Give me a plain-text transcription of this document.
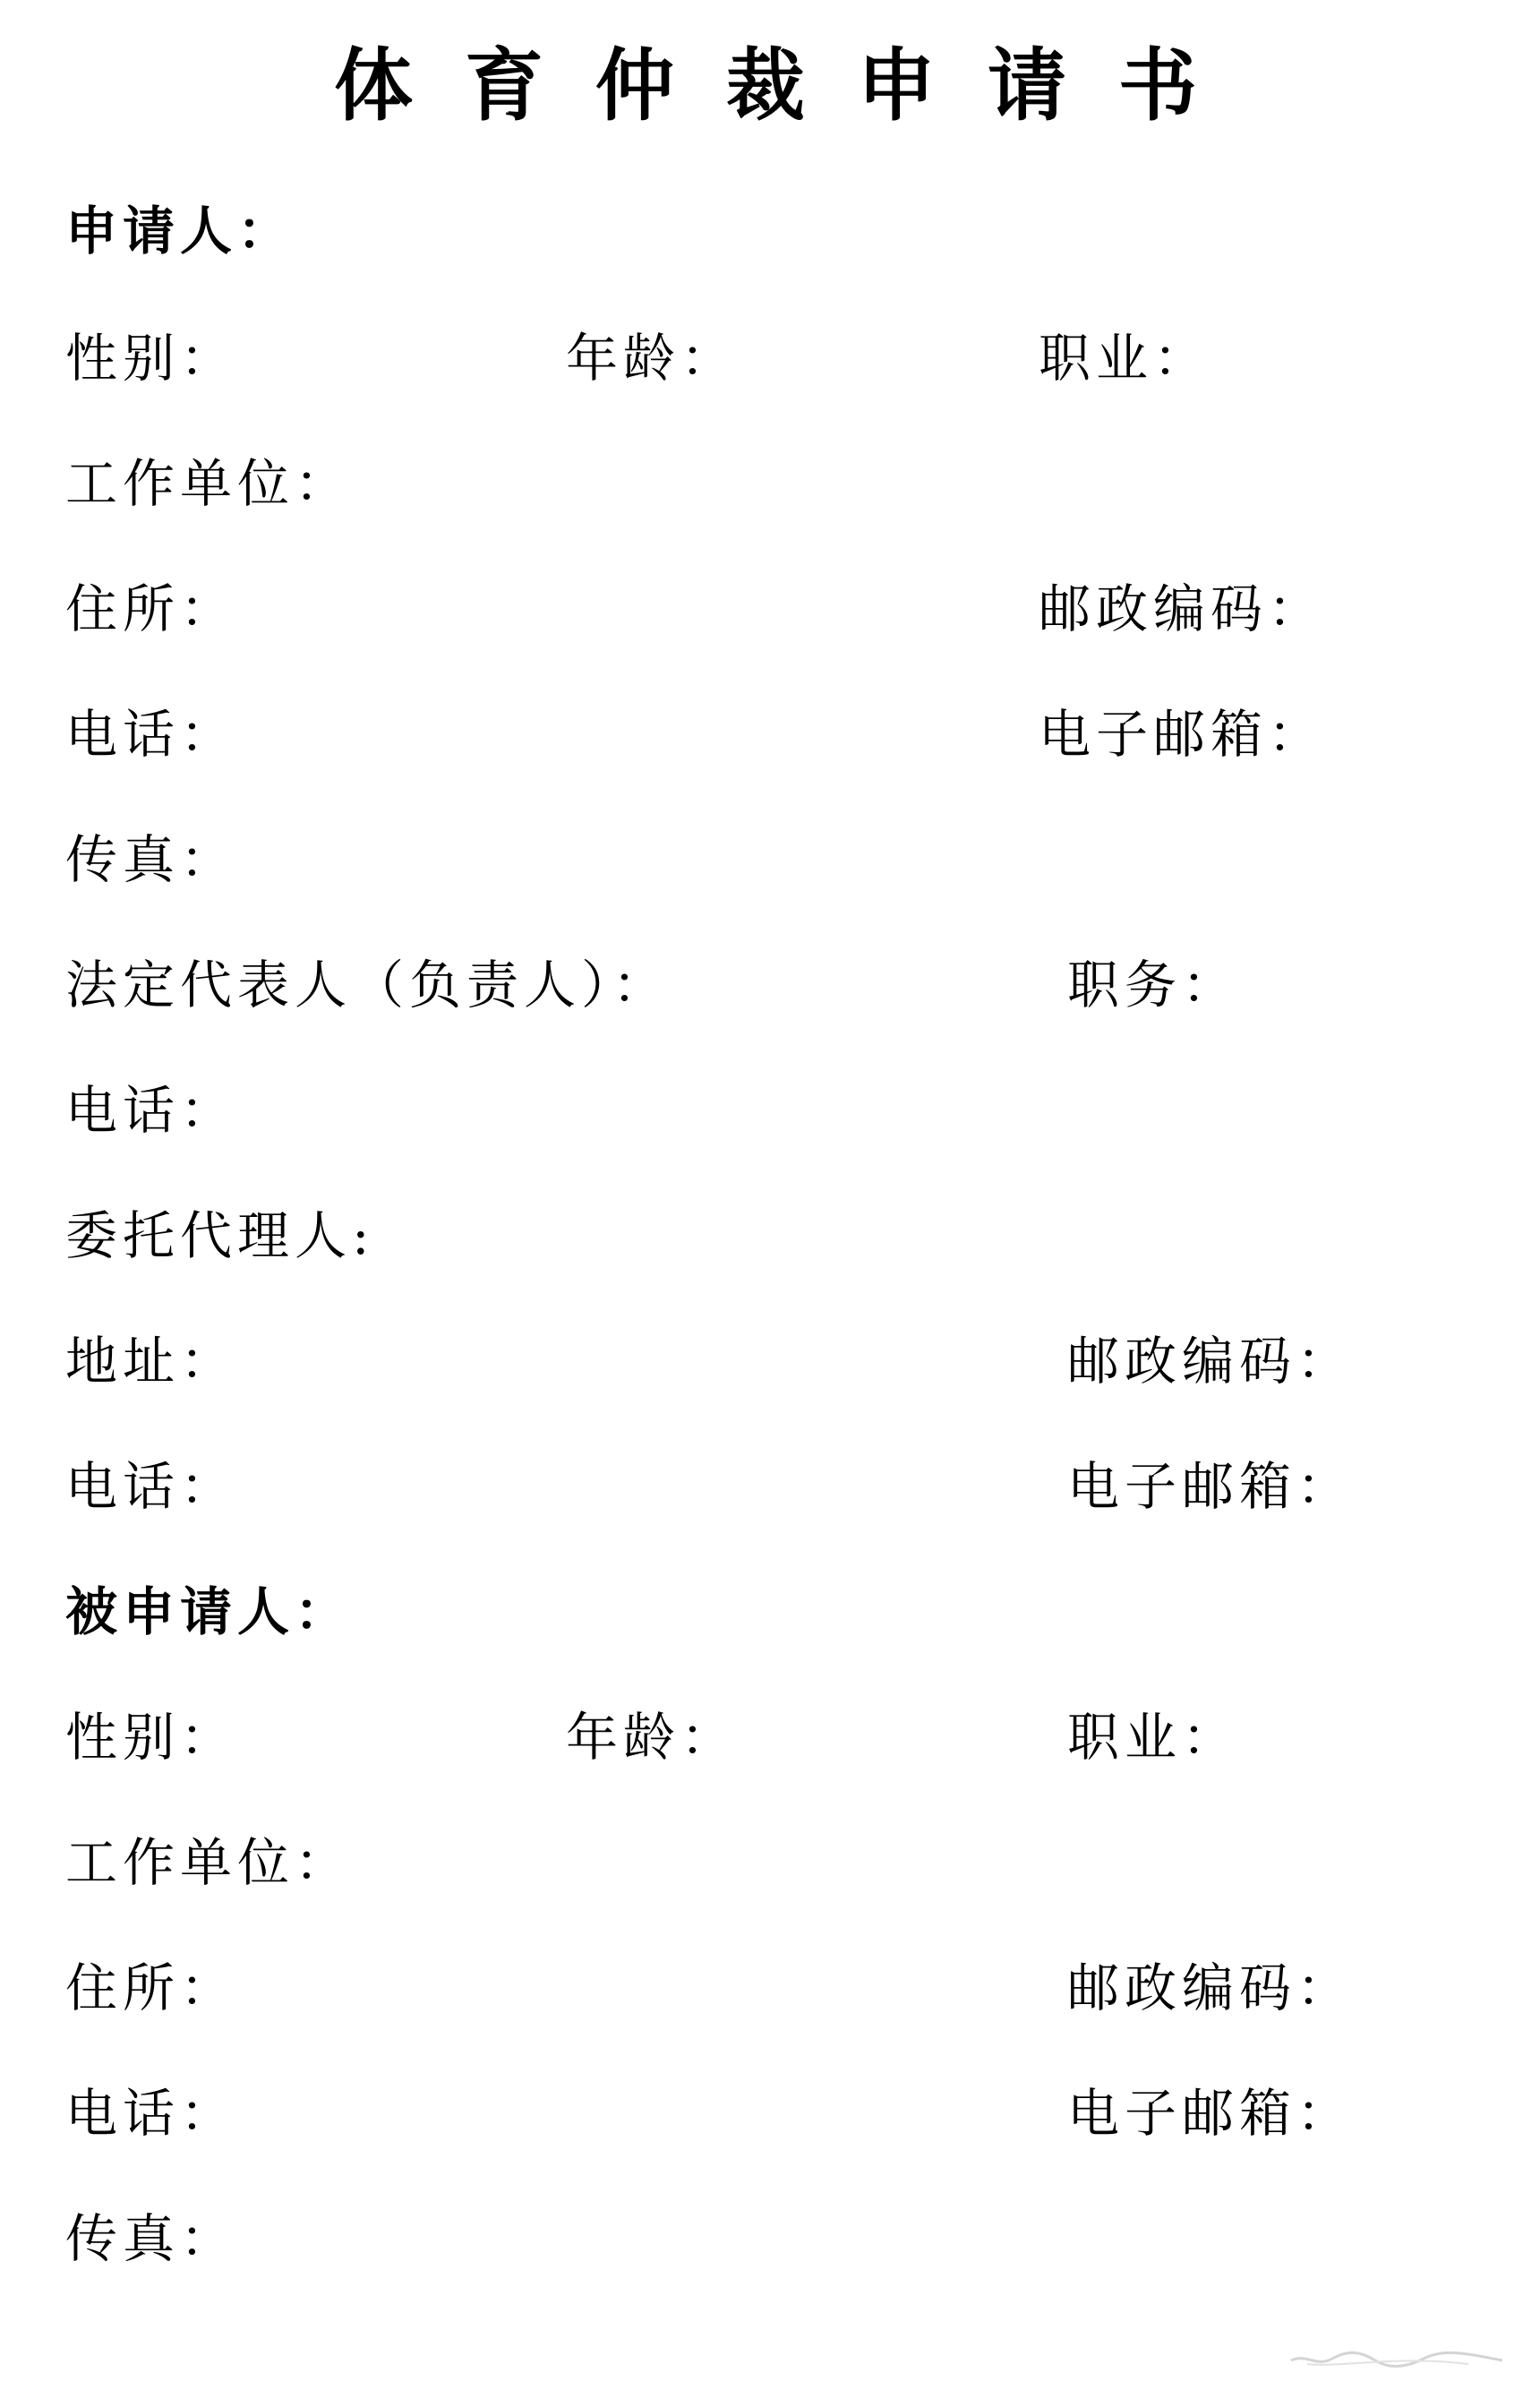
体育仲裁申请书
申请人：
性别：	年龄：	职业：
工作单位：
住所：	邮政编码：
电话：	电子邮箱：
传真：
法定代表人（负责人）：	职务：
电话：
委托代理人:
地址：	邮政编码：
电话：	电子邮箱：
被申请人：
性别：	年龄：	职业：
工作单位：
住所：	邮政编码：
电话：	电子邮箱：
传真：
